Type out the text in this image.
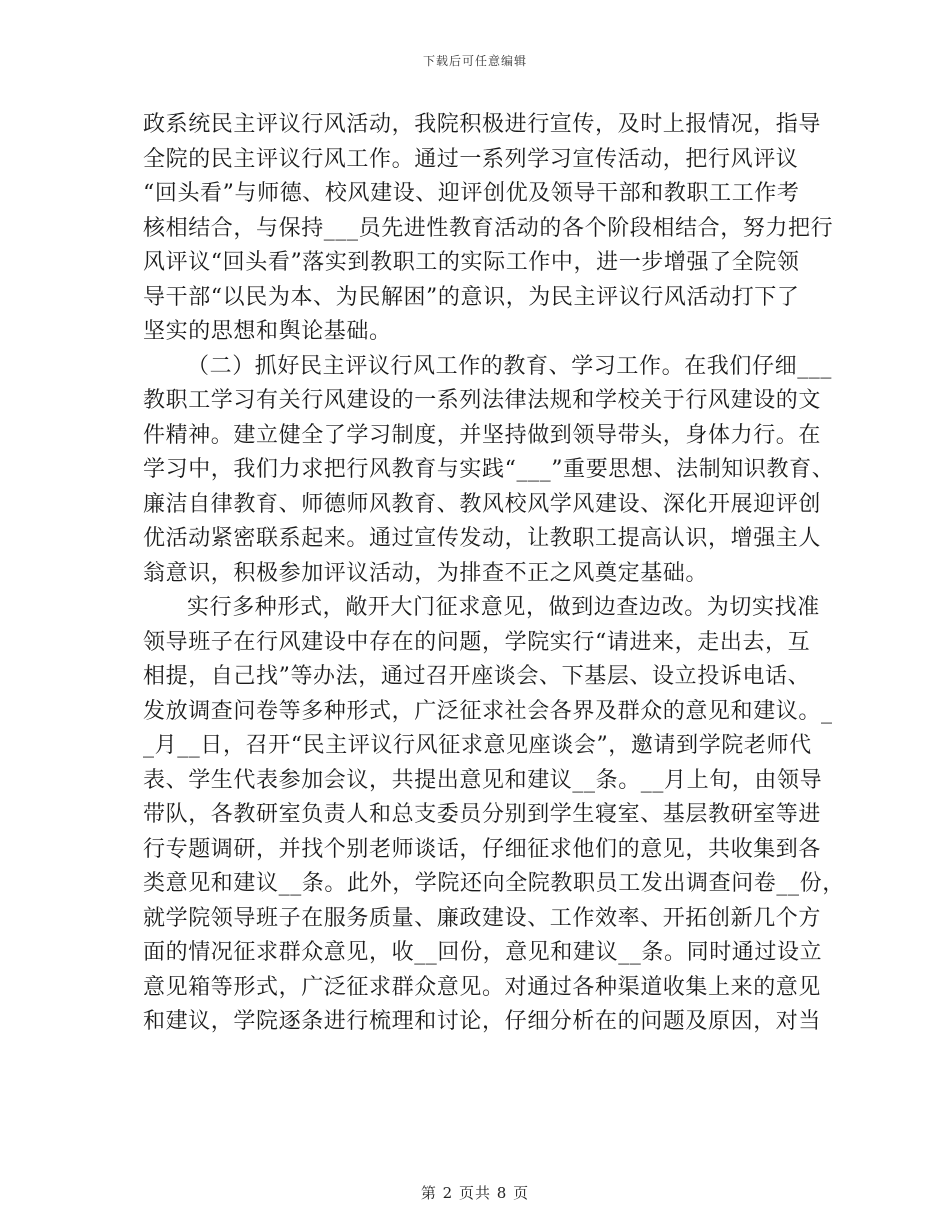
下载后可任意编辑
政系统民主评议行风活动，我院积极进行宣传，及时上报情况，指导
全院的民主评议行风工作。通过一系列学习宣传活动，把行风评议
“回头看”与师德、校风建设、迎评创优及领导干部和教职工工作考
核相结合，与保持___员先进性教育活动的各个阶段相结合，努力把行
风评议“回头看”落实到教职工的实际工作中，进一步增强了全院领
导干部“以民为本、为民解困”的意识，为民主评议行风活动打下了
坚实的思想和舆论基础。
（二）抓好民主评议行风工作的教育、学习工作。在我们仔细___
教职工学习有关行风建设的一系列法律法规和学校关于行风建设的文
件精神。建立健全了学习制度，并坚持做到领导带头，身体力行。在
学习中，我们力求把行风教育与实践“___”重要思想、法制知识教育、
廉洁自律教育、师德师风教育、教风校风学风建设、深化开展迎评创
优活动紧密联系起来。通过宣传发动，让教职工提高认识，增强主人
翁意识，积极参加评议活动，为排查不正之风奠定基础。
实行多种形式，敞开大门征求意见，做到边查边改。为切实找准
领导班子在行风建设中存在的问题，学院实行“请进来，走出去，互
相提，自己找”等办法，通过召开座谈会、下基层、设立投诉电话、
发放调查问卷等多种形式，广泛征求社会各界及群众的意见和建议。_
_月__日，召开“民主评议行风征求意见座谈会”，邀请到学院老师代
表、学生代表参加会议，共提出意见和建议__条。__月上旬，由领导
带队，各教研室负责人和总支委员分别到学生寝室、基层教研室等进
行专题调研，并找个别老师谈话，仔细征求他们的意见，共收集到各
类意见和建议__条。此外，学院还向全院教职员工发出调查问卷__份，
就学院领导班子在服务质量、廉政建设、工作效率、开拓创新几个方
面的情况征求群众意见，收__回份，意见和建议__条。同时通过设立
意见箱等形式，广泛征求群众意见。对通过各种渠道收集上来的意见
和建议，学院逐条进行梳理和讨论，仔细分析在的问题及原因，对当
第 2 页共 8 页
